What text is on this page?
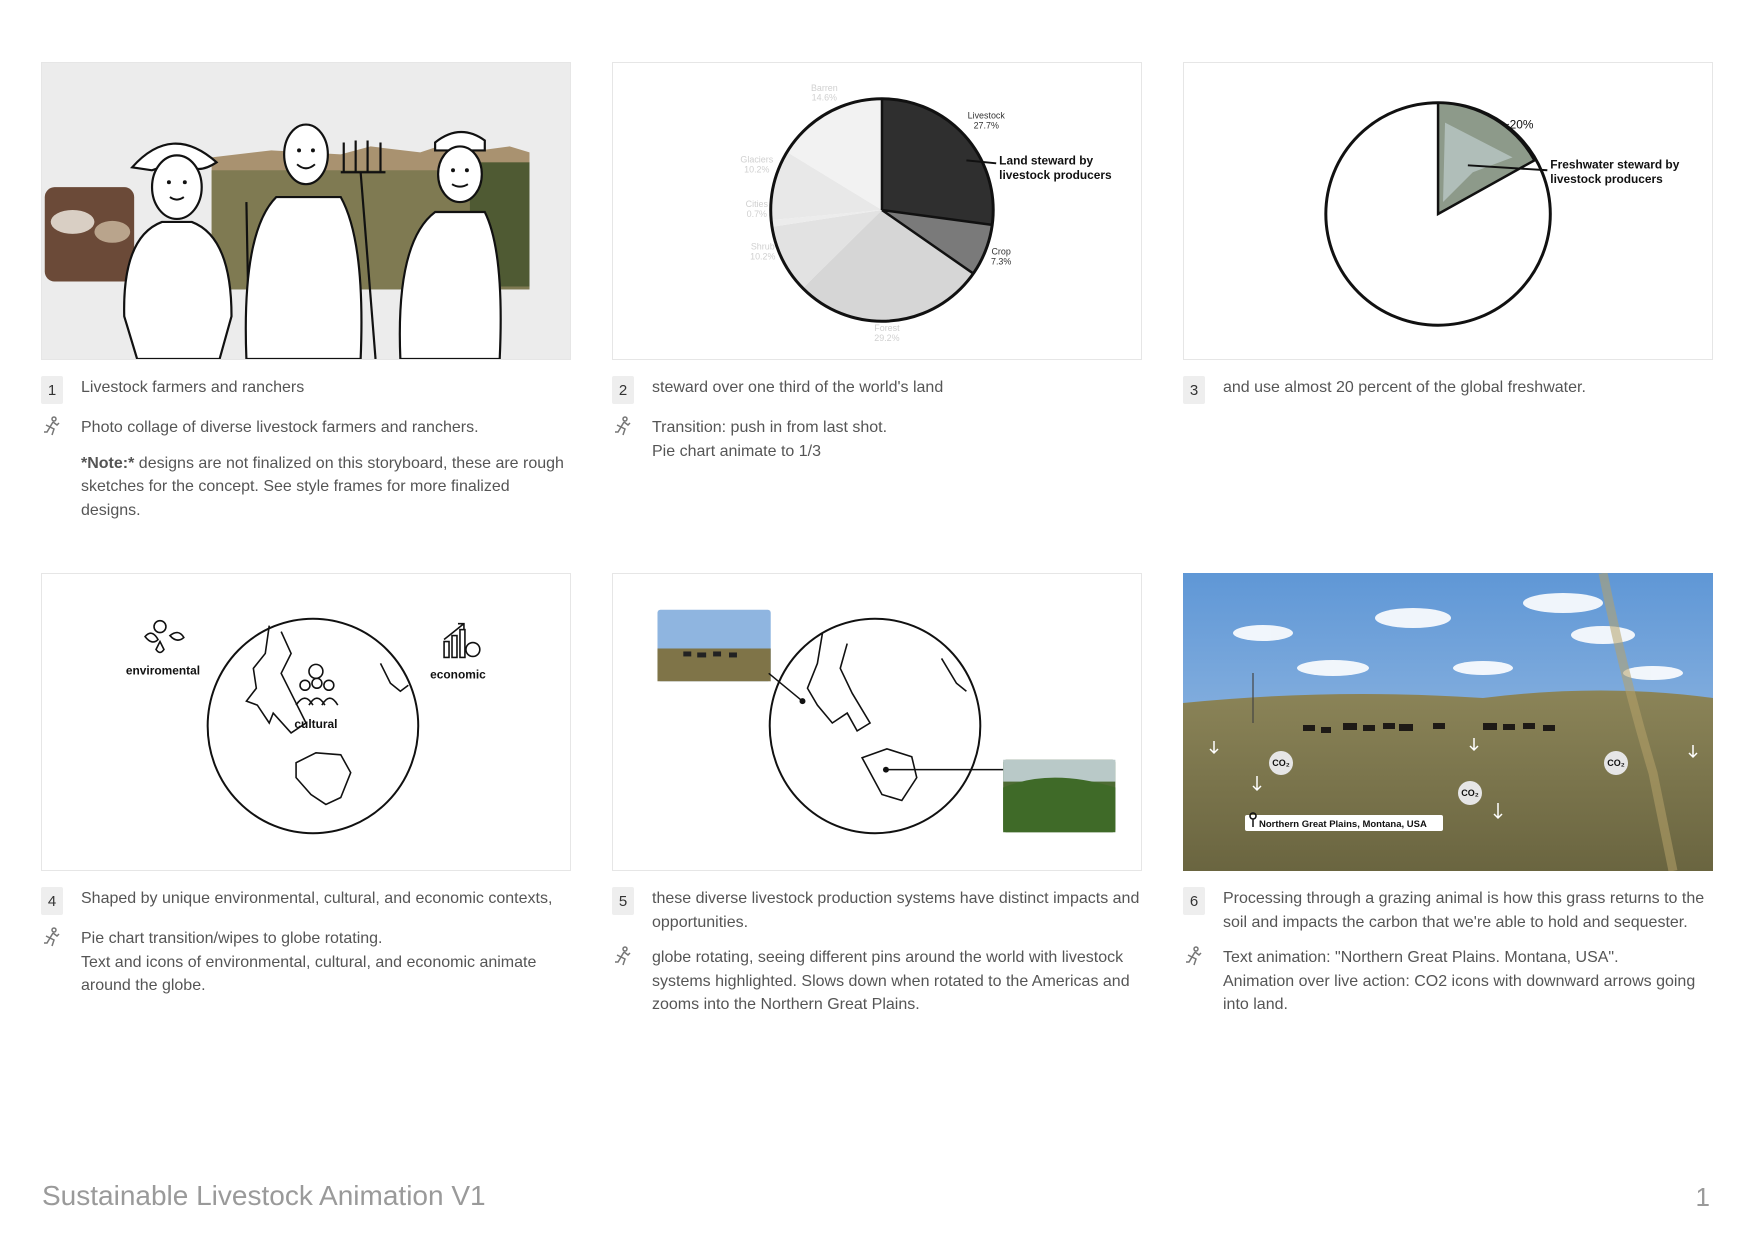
Livestock
27.7%
Crop
7.3%
Forest
29.2%
Shrub
10.2%
Cities
0.7%
Glaciers
10.2%
Barren
14.6%
Land steward by
livestock producers
~20%
Freshwater steward by
livestock producers
enviromental
cultural
economic
CO₂
CO₂
CO₂
Northern Great Plains, Montana, USA
1	Livestock farmers and ranchers
Photo collage of diverse livestock farmers and ranchers.
*Note:* designs are not finalized on this storyboard, these are rough sketches for the concept. See style frames for more finalized designs.
2	steward over one third of the world's land
Transition: push in from last shot.
Pie chart animate to 1/3
3	and use almost 20 percent of the global freshwater.
4	Shaped by unique environmental, cultural, and economic contexts,
Pie chart transition/wipes to globe rotating.
Text and icons of environmental, cultural, and economic animate around the globe.
5	these diverse livestock production systems have distinct impacts and opportunities.
globe rotating, seeing different pins around the world with livestock systems highlighted. Slows down when rotated to the Americas and zooms into the Northern Great Plains.
6	Processing through a grazing animal is how this grass returns to the soil and impacts the carbon that we're able to hold and sequester.
Text animation: "Northern Great Plains. Montana, USA".
Animation over live action: CO2 icons with downward arrows going into land.
Sustainable Livestock Animation V1	1
